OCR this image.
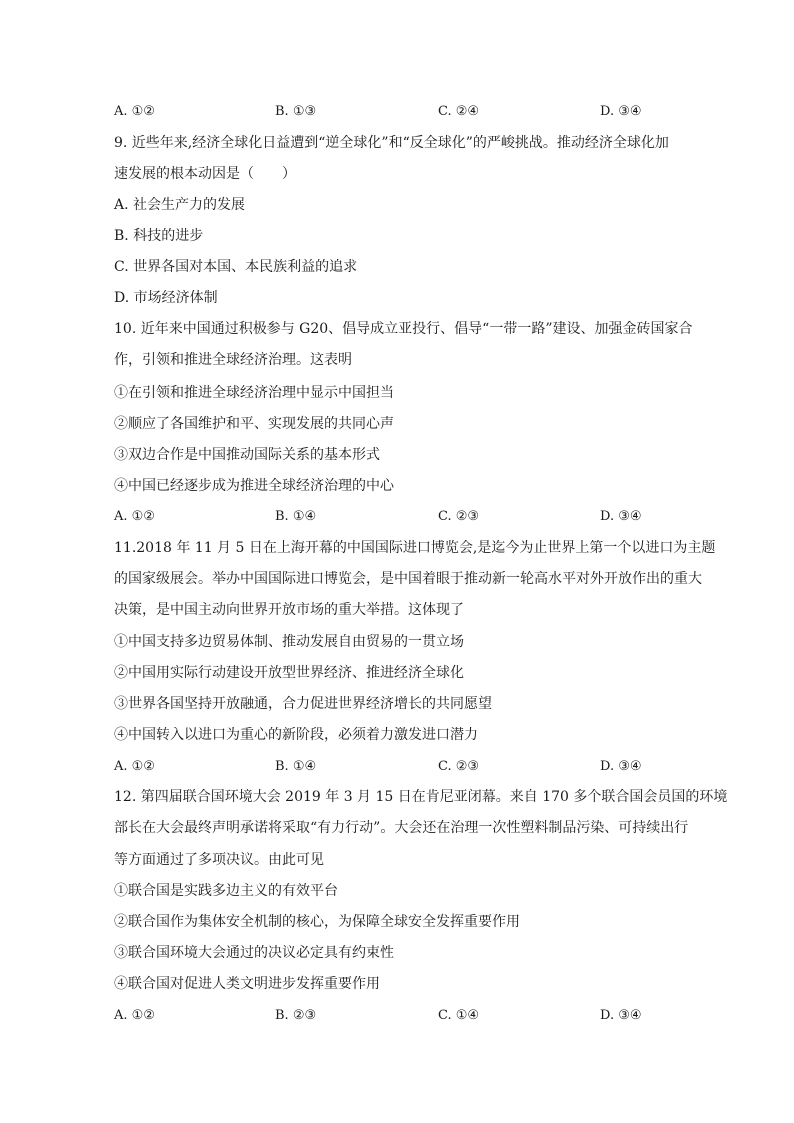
A. ①②	B. ①③	C. ②④	D. ③④
9. 近些年来,经济全球化日益遭到“逆全球化”和“反全球化”的严峻挑战。推动经济全球化加
速发展的根本动因是（　　）
A. 社会生产力的发展
B. 科技的进步
C. 世界各国对本国、本民族利益的追求
D. 市场经济体制
10. 近年来中国通过积极参与 G20、倡导成立亚投行、倡导“一带一路”建设、加强金砖国家合
作，引领和推进全球经济治理。这表明
①在引领和推进全球经济治理中显示中国担当
②顺应了各国维护和平、实现发展的共同心声
③双边合作是中国推动国际关系的基本形式
④中国已经逐步成为推进全球经济治理的中心
A. ①②	B. ①④	C. ②③	D. ③④
11.2018 年 11 月 5 日在上海开幕的中国国际进口博览会,是迄今为止世界上第一个以进口为主题
的国家级展会。举办中国国际进口博览会，是中国着眼于推动新一轮高水平对外开放作出的重大
决策，是中国主动向世界开放市场的重大举措。这体现了
①中国支持多边贸易体制、推动发展自由贸易的一贯立场
②中国用实际行动建设开放型世界经济、推进经济全球化
③世界各国坚持开放融通，合力促进世界经济增长的共同愿望
④中国转入以进口为重心的新阶段，必须着力激发进口潜力
A. ①②	B. ①④	C. ②③	D. ③④
12. 第四届联合国环境大会 2019 年 3 月 15 日在肯尼亚闭幕。来自 170 多个联合国会员国的环境
部长在大会最终声明承诺将采取“有力行动”。大会还在治理一次性塑料制品污染、可持续出行
等方面通过了多项决议。由此可见
①联合国是实践多边主义的有效平台
②联合国作为集体安全机制的核心，为保障全球安全发挥重要作用
③联合国环境大会通过的决议必定具有约束性
④联合国对促进人类文明进步发挥重要作用
A. ①②	B. ②③	C. ①④	D. ③④
